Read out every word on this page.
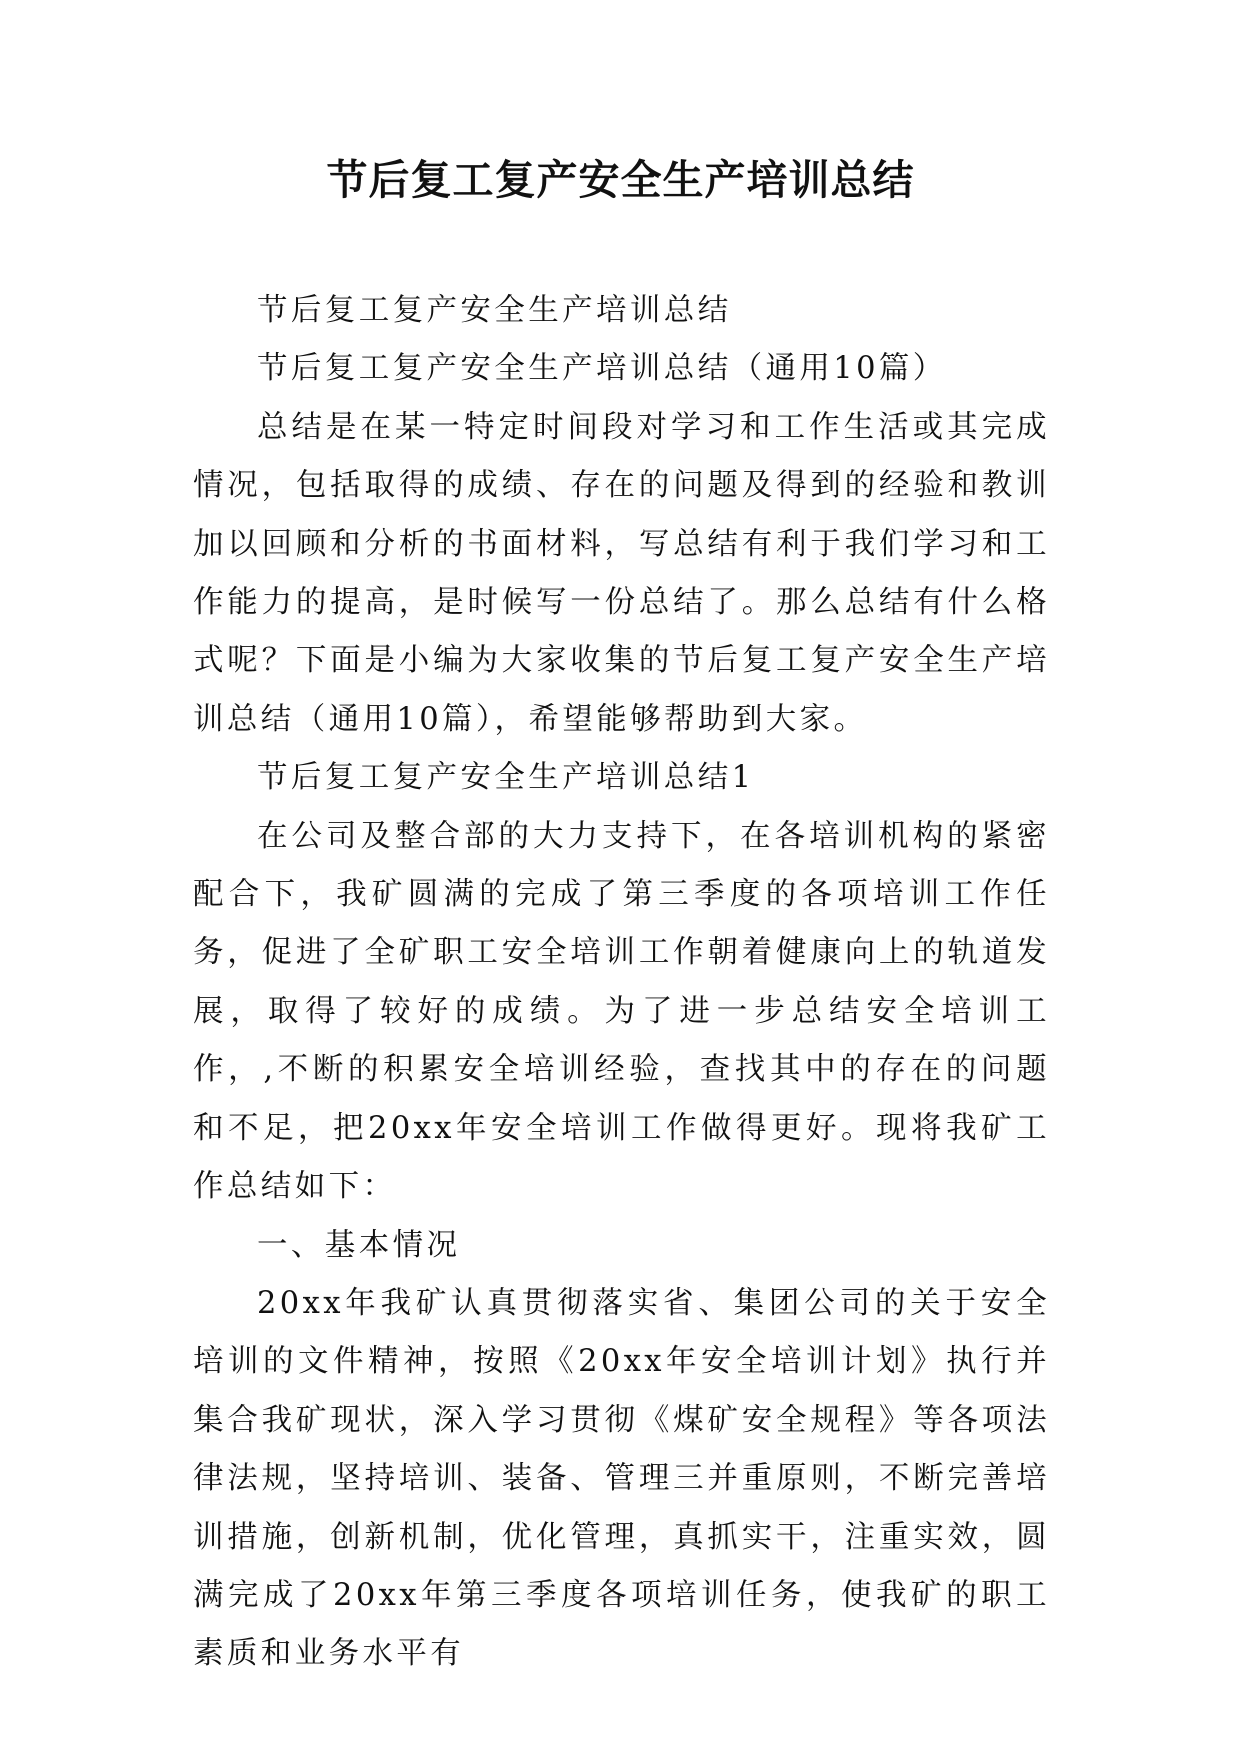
节后复工复产安全生产培训总结

节后复工复产安全生产培训总结

节后复工复产安全生产培训总结（通用10篇）

总结是在某一特定时间段对学习和工作生活或其完成情况，包括取得的成绩、存在的问题及得到的经验和教训加以回顾和分析的书面材料，写总结有利于我们学习和工作能力的提高，是时候写一份总结了。那么总结有什么格式呢？下面是小编为大家收集的节后复工复产安全生产培训总结（通用10篇），希望能够帮助到大家。

节后复工复产安全生产培训总结1

在公司及整合部的大力支持下，在各培训机构的紧密配合下，我矿圆满的完成了第三季度的各项培训工作任务，促进了全矿职工安全培训工作朝着健康向上的轨道发展，取得了较好的成绩。为了进一步总结安全培训工作，,不断的积累安全培训经验，查找其中的存在的问题和不足，把20xx年安全培训工作做得更好。现将我矿工作总结如下：

一、基本情况

20xx年我矿认真贯彻落实省、集团公司的关于安全培训的文件精神，按照《20xx年安全培训计划》执行并集合我矿现状，深入学习贯彻《煤矿安全规程》等各项法律法规，坚持培训、装备、管理三并重原则，不断完善培训措施，创新机制，优化管理，真抓实干，注重实效，圆满完成了20xx年第三季度各项培训任务，使我矿的职工素质和业务水平有
